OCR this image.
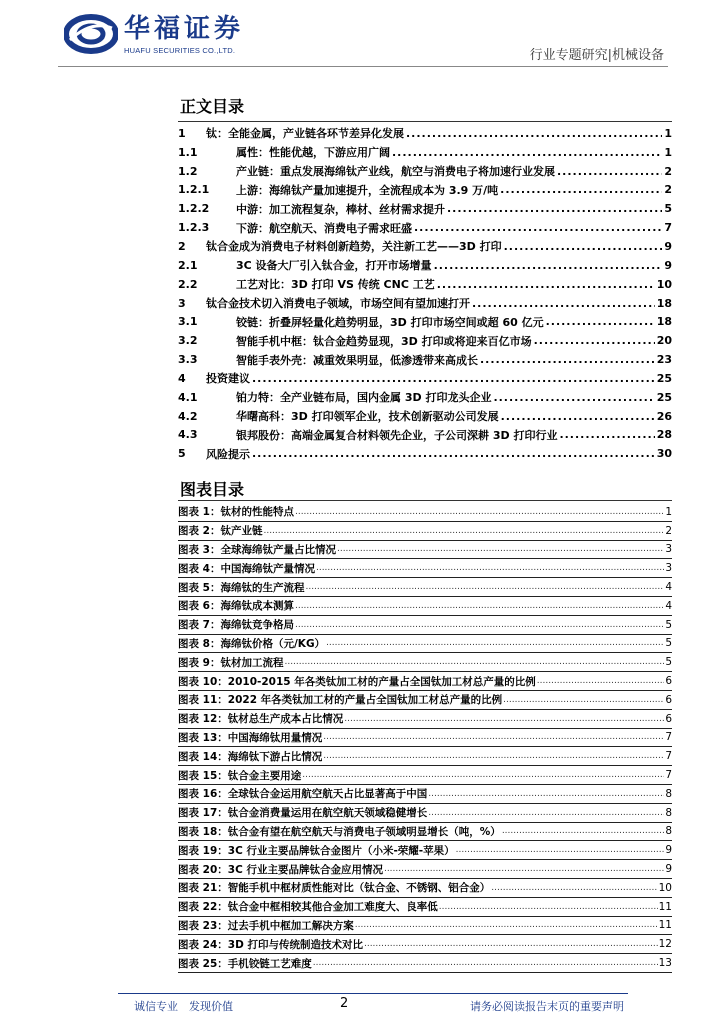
华福证券
HUAFU SECURITIES CO.,LTD.	行业专题研究|机械设备
正文目录
1	钛：全能金属，产业链各环节差异化发展 .....	1
1.1	属性：性能优越，下游应用广阔 .....	1
1.2	产业链：重点发展海绵钛产业线，航空与消费电子将加速行业发展 .....	2
1.2.1	上游：海绵钛产量加速提升，全流程成本为 3.9 万/吨 .....	2
1.2.2	中游：加工流程复杂，棒材、丝材需求提升 .....	5
1.2.3	下游：航空航天、消费电子需求旺盛 .....	7
2	钛合金成为消费电子材料创新趋势，关注新工艺——3D 打印 .....	9
2.1	3C 设备大厂引入钛合金，打开市场增量 .....	9
2.2	工艺对比：3D 打印 VS 传统 CNC 工艺 .....	10
3	钛合金技术切入消费电子领域，市场空间有望加速打开 .....	18
3.1	铰链：折叠屏轻量化趋势明显，3D 打印市场空间或超 60 亿元 .....	18
3.2	智能手机中框：钛合金趋势显现，3D 打印或将迎来百亿市场 .....	20
3.3	智能手表外壳：减重效果明显，低渗透带来高成长 .....	23
4	投资建议 .....	25
4.1	铂力特：全产业链布局，国内金属 3D 打印龙头企业 .....	25
4.2	华曙高科：3D 打印领军企业，技术创新驱动公司发展 .....	26
4.3	银邦股份：高端金属复合材料领先企业，子公司深耕 3D 打印行业 .....	28
5	风险提示 .....	30
图表目录
图表 1： 钛材的性能特点 .....	1
图表 2： 钛产业链 .....	2
图表 3： 全球海绵钛产量占比情况 .....	3
图表 4： 中国海绵钛产量情况 .....	3
图表 5： 海绵钛的生产流程 .....	4
图表 6： 海绵钛成本测算 .....	4
图表 7： 海绵钛竞争格局 .....	5
图表 8： 海绵钛价格（元/KG） .....	5
图表 9： 钛材加工流程 .....	5
图表 10： 2010-2015 年各类钛加工材的产量占全国钛加工材总产量的比例 .....	6
图表 11： 2022 年各类钛加工材的产量占全国钛加工材总产量的比例 .....	6
图表 12： 钛材总生产成本占比情况 .....	6
图表 13： 中国海绵钛用量情况 .....	7
图表 14： 海绵钛下游占比情况 .....	7
图表 15： 钛合金主要用途 .....	7
图表 16： 全球钛合金运用航空航天占比显著高于中国 .....	8
图表 17： 钛合金消费量运用在航空航天领域稳健增长 .....	8
图表 18： 钛合金有望在航空航天与消费电子领域明显增长（吨，%） .....	8
图表 19： 3C 行业主要品牌钛合金图片（小米-荣耀-苹果） .....	9
图表 20： 3C 行业主要品牌钛合金应用情况 .....	9
图表 21： 智能手机中框材质性能对比（钛合金、不锈钢、铝合金） .....	10
图表 22： 钛合金中框相较其他合金加工难度大、良率低 .....	11
图表 23： 过去手机中框加工解决方案 .....	11
图表 24： 3D 打印与传统制造技术对比 .....	12
图表 25： 手机铰链工艺难度 .....	13
诚信专业　发现价值	2	请务必阅读报告末页的重要声明
